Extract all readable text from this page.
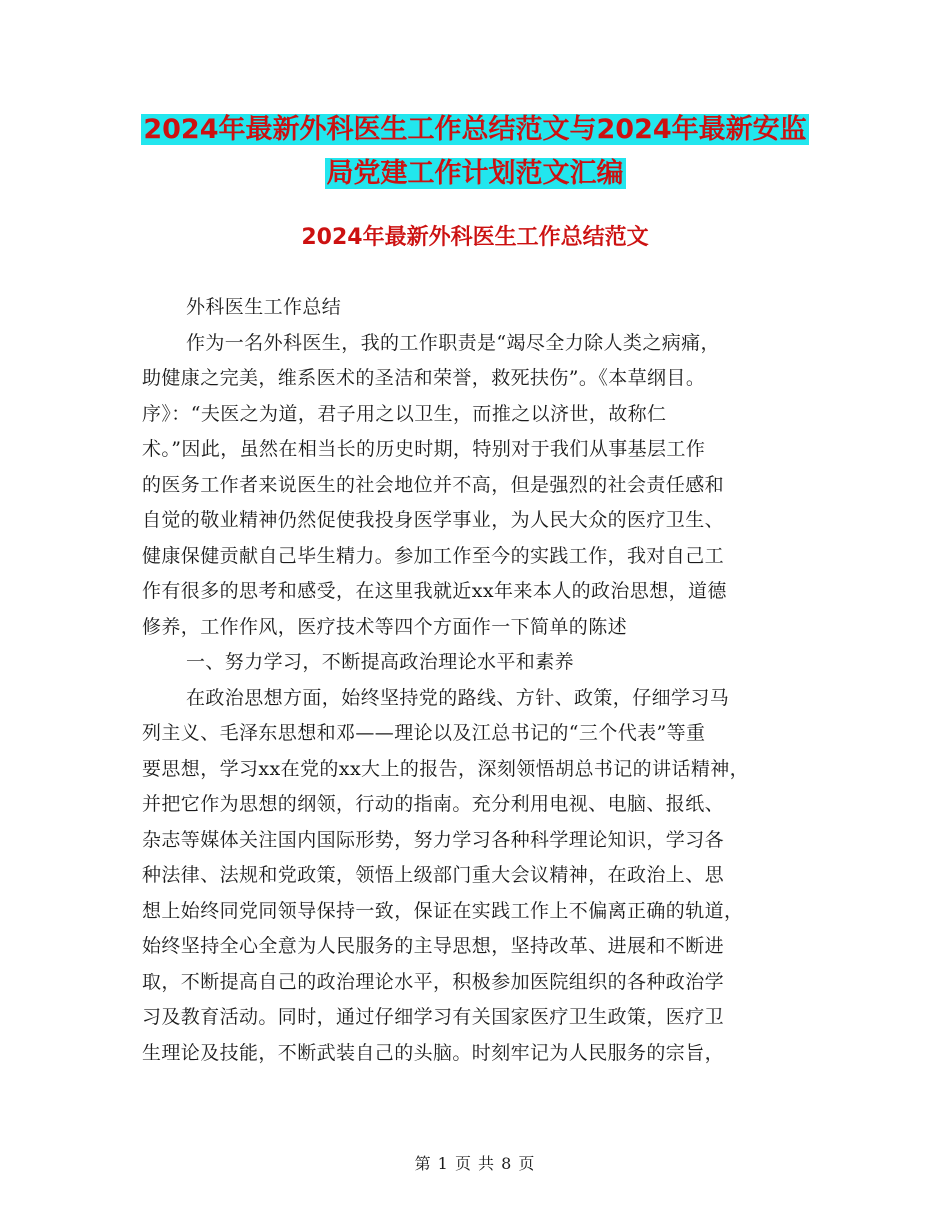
2024年最新外科医生工作总结范文与2024年最新安监
局党建工作计划范文汇编
2024年最新外科医生工作总结范文
外科医生工作总结
作为一名外科医生，我的工作职责是“竭尽全力除人类之病痛，
助健康之完美，维系医术的圣洁和荣誉，救死扶伤”。《本草纲目。
序》：“夫医之为道，君子用之以卫生，而推之以济世，故称仁
术。”因此，虽然在相当长的历史时期，特别对于我们从事基层工作
的医务工作者来说医生的社会地位并不高，但是强烈的社会责任感和
自觉的敬业精神仍然促使我投身医学事业，为人民大众的医疗卫生、
健康保健贡献自己毕生精力。参加工作至今的实践工作，我对自己工
作有很多的思考和感受，在这里我就近xx年来本人的政治思想，道德
修养，工作作风，医疗技术等四个方面作一下简单的陈述
一、努力学习，不断提高政治理论水平和素养
在政治思想方面，始终坚持党的路线、方针、政策，仔细学习马
列主义、毛泽东思想和邓——理论以及江总书记的“三个代表”等重
要思想，学习xx在党的xx大上的报告，深刻领悟胡总书记的讲话精神，
并把它作为思想的纲领，行动的指南。充分利用电视、电脑、报纸、
杂志等媒体关注国内国际形势，努力学习各种科学理论知识，学习各
种法律、法规和党政策，领悟上级部门重大会议精神，在政治上、思
想上始终同党同领导保持一致，保证在实践工作上不偏离正确的轨道，
始终坚持全心全意为人民服务的主导思想，坚持改革、进展和不断进
取，不断提高自己的政治理论水平，积极参加医院组织的各种政治学
习及教育活动。同时，通过仔细学习有关国家医疗卫生政策，医疗卫
生理论及技能，不断武装自己的头脑。时刻牢记为人民服务的宗旨，
第 1 页 共 8 页
